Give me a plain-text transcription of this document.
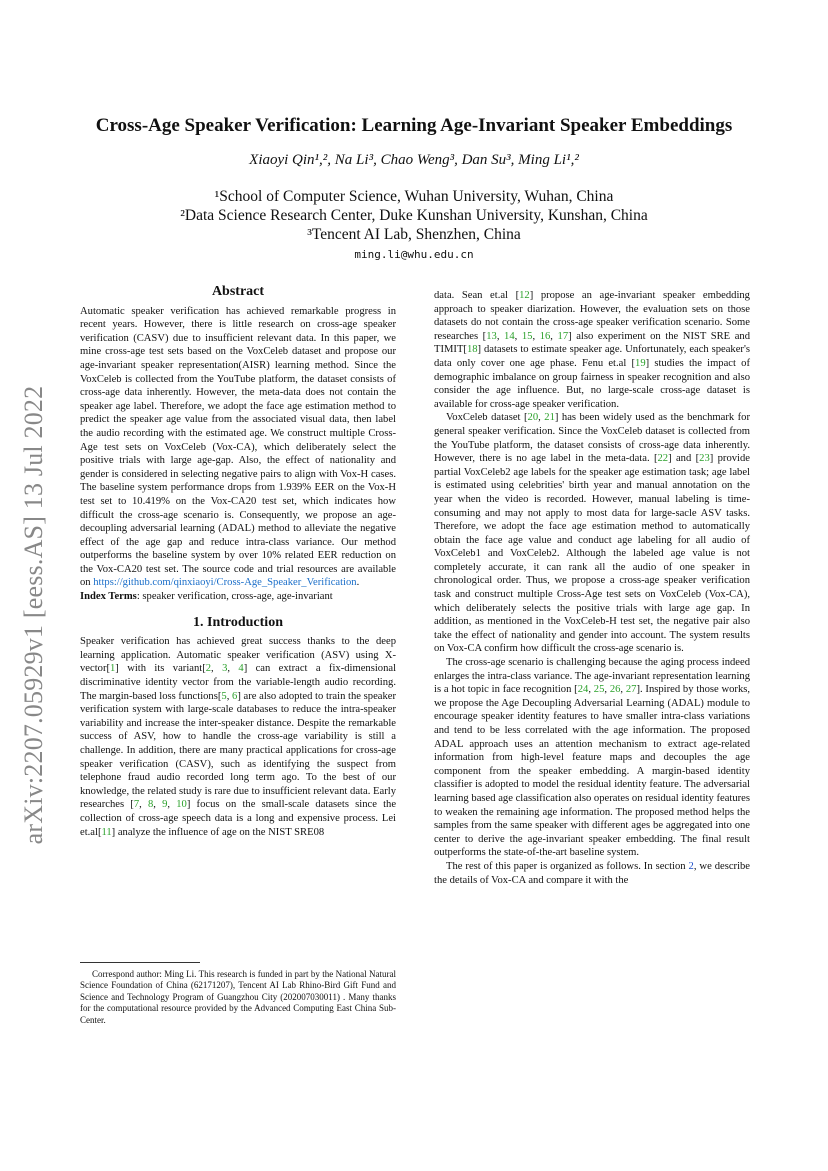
arXiv:2207.05929v1 [eess.AS] 13 Jul 2022
Cross-Age Speaker Verification: Learning Age-Invariant Speaker Embeddings
Xiaoyi Qin¹,², Na Li³, Chao Weng³, Dan Su³, Ming Li¹,²
¹School of Computer Science, Wuhan University, Wuhan, China
²Data Science Research Center, Duke Kunshan University, Kunshan, China
³Tencent AI Lab, Shenzhen, China
ming.li@whu.edu.cn
Abstract

Automatic speaker verification has achieved remarkable progress in recent years. However, there is little research on cross-age speaker verification (CASV) due to insufficient relevant data. In this paper, we mine cross-age test sets based on the VoxCeleb dataset and propose our age-invariant speaker representation(AISR) learning method. Since the VoxCeleb is collected from the YouTube platform, the dataset consists of cross-age data inherently. However, the meta-data does not contain the speaker age label. Therefore, we adopt the face age estimation method to predict the speaker age value from the associated visual data, then label the audio recording with the estimated age. We construct multiple Cross-Age test sets on VoxCeleb (Vox-CA), which deliberately select the positive trials with large age-gap. Also, the effect of nationality and gender is considered in selecting negative pairs to align with Vox-H cases. The baseline system performance drops from 1.939% EER on the Vox-H test set to 10.419% on the Vox-CA20 test set, which indicates how difficult the cross-age scenario is. Consequently, we propose an age-decoupling adversarial learning (ADAL) method to alleviate the negative effect of the age gap and reduce intra-class variance. Our method outperforms the baseline system by over 10% related EER reduction on the Vox-CA20 test set. The source code and trial resources are available on https://github.com/qinxiaoyi/Cross-Age_Speaker_Verification.

Index Terms: speaker verification, cross-age, age-invariant

1. Introduction

Speaker verification has achieved great success thanks to the deep learning application. Automatic speaker verification (ASV) using X-vector[1] with its variant[2, 3, 4] can extract a fix-dimensional discriminative identity vector from the variable-length audio recording. The margin-based loss functions[5, 6] are also adopted to train the speaker verification system with large-scale databases to reduce the intra-speaker variability and increase the inter-speaker distance. Despite the remarkable success of ASV, how to handle the cross-age variability is still a challenge. In addition, there are many practical applications for cross-age speaker verification (CASV), such as identifying the suspect from telephone fraud audio recorded long term ago. To the best of our knowledge, the related study is rare due to insufficient relevant data. Early researches [7, 8, 9, 10] focus on the small-scale datasets since the collection of cross-age speech data is a long and expensive process. Lei et.al[11] analyze the influence of age on the NIST SRE08

data. Sean et.al [12] propose an age-invariant speaker embedding approach to speaker diarization. However, the evaluation sets on those datasets do not contain the cross-age speaker verification scenario. Some researches [13, 14, 15, 16, 17] also experiment on the NIST SRE and TIMIT[18] datasets to estimate speaker age. Unfortunately, each speaker's data only cover one age phase. Fenu et.al [19] studies the impact of demographic imbalance on group fairness in speaker recognition and also consider the age influence. But, no large-scale cross-age dataset is available for cross-age speaker verification.

VoxCeleb dataset [20, 21] has been widely used as the benchmark for general speaker verification. Since the VoxCeleb dataset is collected from the YouTube platform, the dataset consists of cross-age data inherently. However, there is no age label in the meta-data. [22] and [23] provide partial VoxCeleb2 age labels for the speaker age estimation task; age label is estimated using celebrities' birth year and manual annotation on the year when the video is recorded. However, manual labeling is time-consuming and may not apply to most data for large-sacle ASV tasks. Therefore, we adopt the face age estimation method to automatically obtain the face age value and conduct age labeling for all audio of VoxCeleb1 and VoxCeleb2. Although the labeled age value is not completely accurate, it can rank all the audio of one speaker in chronological order. Thus, we propose a cross-age speaker verification task and construct multiple Cross-Age test sets on VoxCeleb (Vox-CA), which deliberately selects the positive trials with large age gap. In addition, as mentioned in the VoxCeleb-H test set, the negative pair also take the effect of nationality and gender into account. The system results on Vox-CA confirm how difficult the cross-age scenario is.

The cross-age scenario is challenging because the aging process indeed enlarges the intra-class variance. The age-invariant representation learning is a hot topic in face recognition [24, 25, 26, 27]. Inspired by those works, we propose the Age Decoupling Adversarial Learning (ADAL) module to encourage speaker identity features to have smaller intra-class variations and tend to be less correlated with the age information. The proposed ADAL approach uses an attention mechanism to extract age-related information from high-level feature maps and decouples the age component from the speaker embedding. A margin-based identity classifier is adopted to model the residual identity feature. The adversarial learning based age classification also operates on residual identity features to weaken the remaining age information. The proposed method helps the samples from the same speaker with different ages be aggregated into one center to derive the age-invariant speaker embedding. The final result outperforms the state-of-the-art baseline system.

The rest of this paper is organized as follows. In section 2, we describe the details of Vox-CA and compare it with the

Correspond author: Ming Li. This research is funded in part by the National Natural Science Foundation of China (62171207), Tencent AI Lab Rhino-Bird Gift Fund and Science and Technology Program of Guangzhou City (202007030011) . Many thanks for the computational resource provided by the Advanced Computing East China Sub-Center.
